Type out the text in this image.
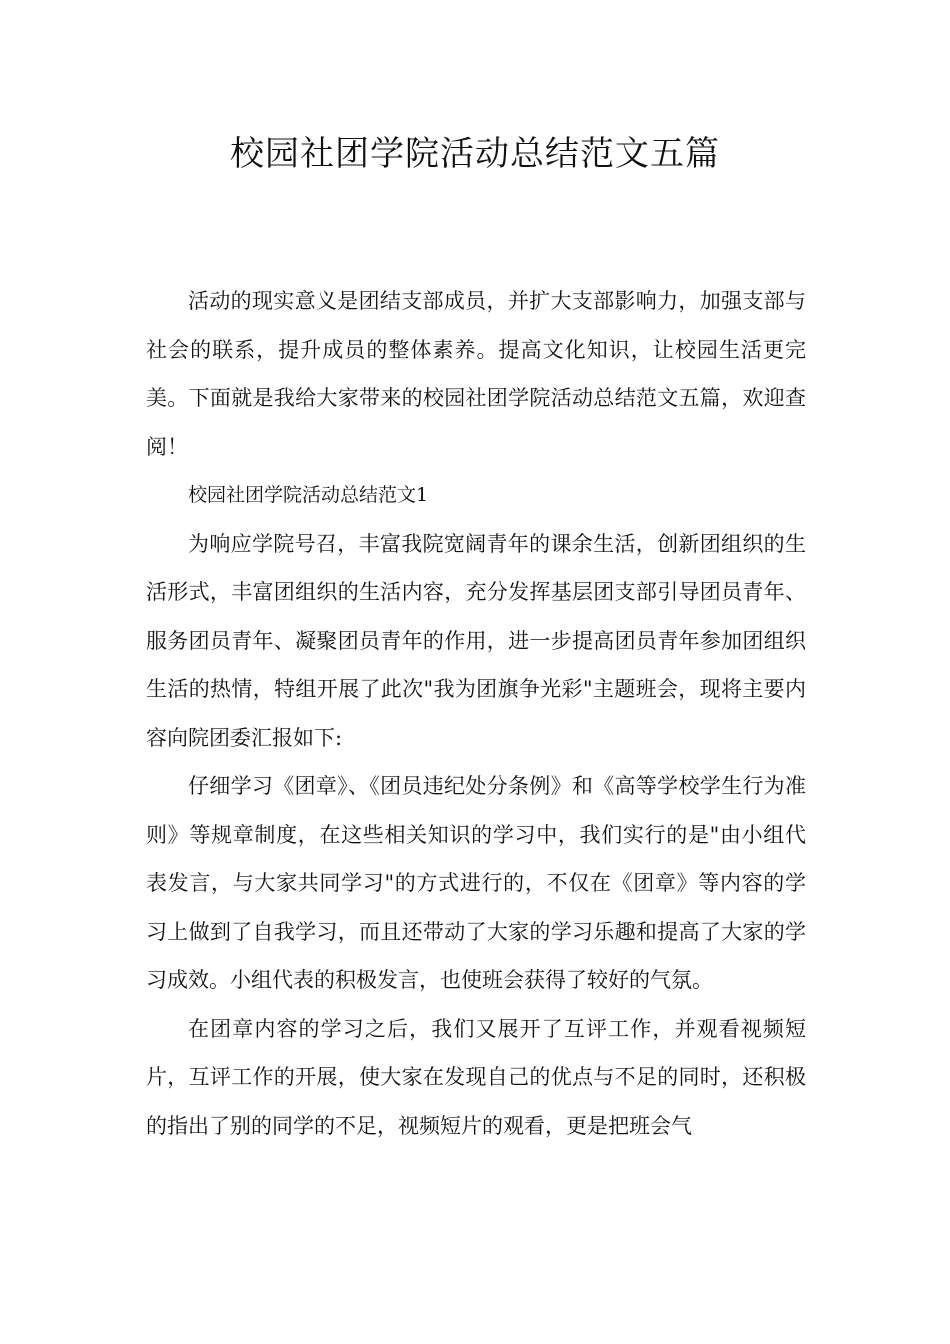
校园社团学院活动总结范文五篇

活动的现实意义是团结支部成员，并扩大支部影响力，加强支部与社会的联系，提升成员的整体素养。提高文化知识，让校园生活更完美。下面就是我给大家带来的校园社团学院活动总结范文五篇，欢迎查阅！

校园社团学院活动总结范文1

为响应学院号召，丰富我院宽阔青年的课余生活，创新团组织的生活形式，丰富团组织的生活内容，充分发挥基层团支部引导团员青年、服务团员青年、凝聚团员青年的作用，进一步提高团员青年参加团组织生活的热情，特组开展了此次"我为团旗争光彩"主题班会，现将主要内容向院团委汇报如下:

仔细学习《团章》、《团员违纪处分条例》和《高等学校学生行为准则》等规章制度，在这些相关知识的学习中，我们实行的是"由小组代表发言，与大家共同学习"的方式进行的，不仅在《团章》等内容的学习上做到了自我学习，而且还带动了大家的学习乐趣和提高了大家的学习成效。小组代表的积极发言，也使班会获得了较好的气氛。

在团章内容的学习之后，我们又展开了互评工作，并观看视频短片，互评工作的开展，使大家在发现自己的优点与不足的同时，还积极的指出了别的同学的不足，视频短片的观看，更是把班会气
